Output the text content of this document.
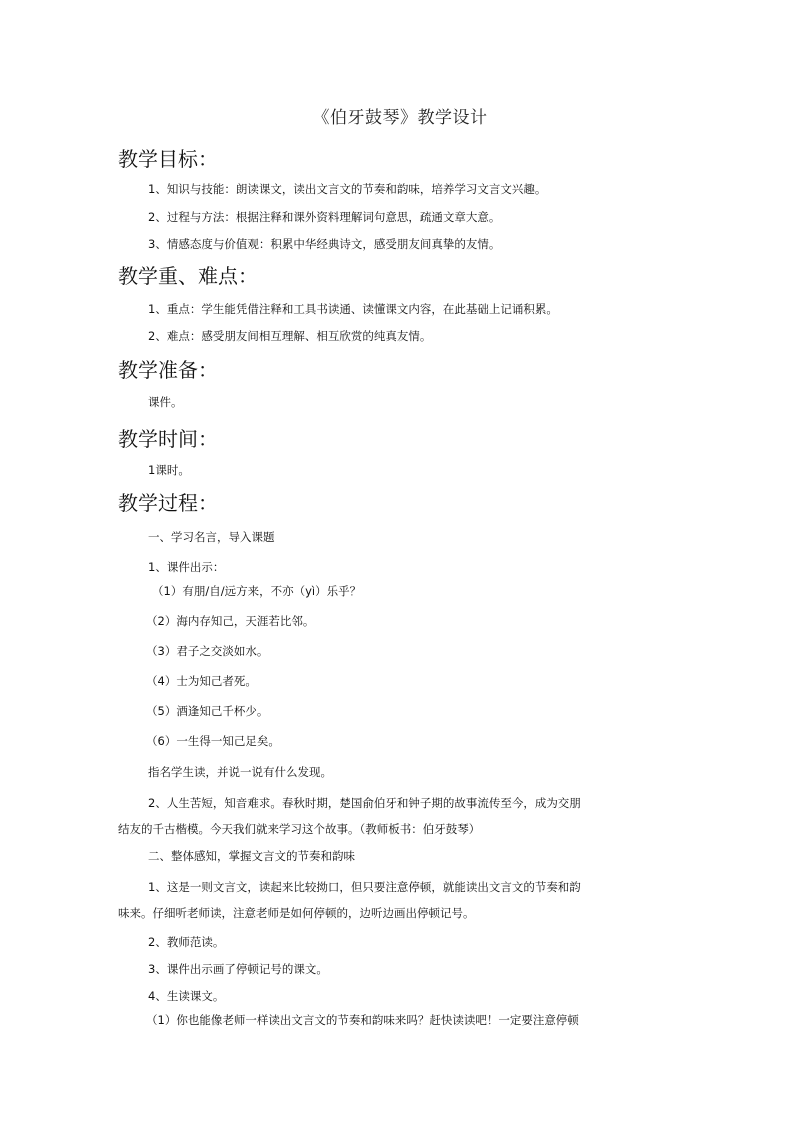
《伯牙鼓琴》教学设计
教学目标：
1、知识与技能：朗读课文，读出文言文的节奏和韵味，培养学习文言文兴趣。
2、过程与方法：根据注释和课外资料理解词句意思，疏通文章大意。
3、情感态度与价值观：积累中华经典诗文，感受朋友间真挚的友情。
教学重、难点：
1、重点：学生能凭借注释和工具书读通、读懂课文内容，在此基础上记诵积累。
2、难点：感受朋友间相互理解、相互欣赏的纯真友情。
教学准备：
课件。
教学时间：
1课时。
教学过程：
一、学习名言，导入课题
1、课件出示：
（1）有朋/自/远方来，不亦（yì）乐乎？
（2）海内存知己，天涯若比邻。
（3）君子之交淡如水。
（4）士为知己者死。
（5）酒逢知己千杯少。
（6）一生得一知己足矣。
指名学生读，并说一说有什么发现。
2、人生苦短，知音难求。春秋时期，楚国俞伯牙和钟子期的故事流传至今，成为交朋
结友的千古楷模。今天我们就来学习这个故事。（教师板书：伯牙鼓琴）
二、整体感知，掌握文言文的节奏和韵味
1、这是一则文言文，读起来比较拗口，但只要注意停顿，就能读出文言文的节奏和韵
味来。仔细听老师读，注意老师是如何停顿的，边听边画出停顿记号。
2、教师范读。
3、课件出示画了停顿记号的课文。
4、生读课文。
（1）你也能像老师一样读出文言文的节奏和韵味来吗？赶快读读吧！一定要注意停顿
